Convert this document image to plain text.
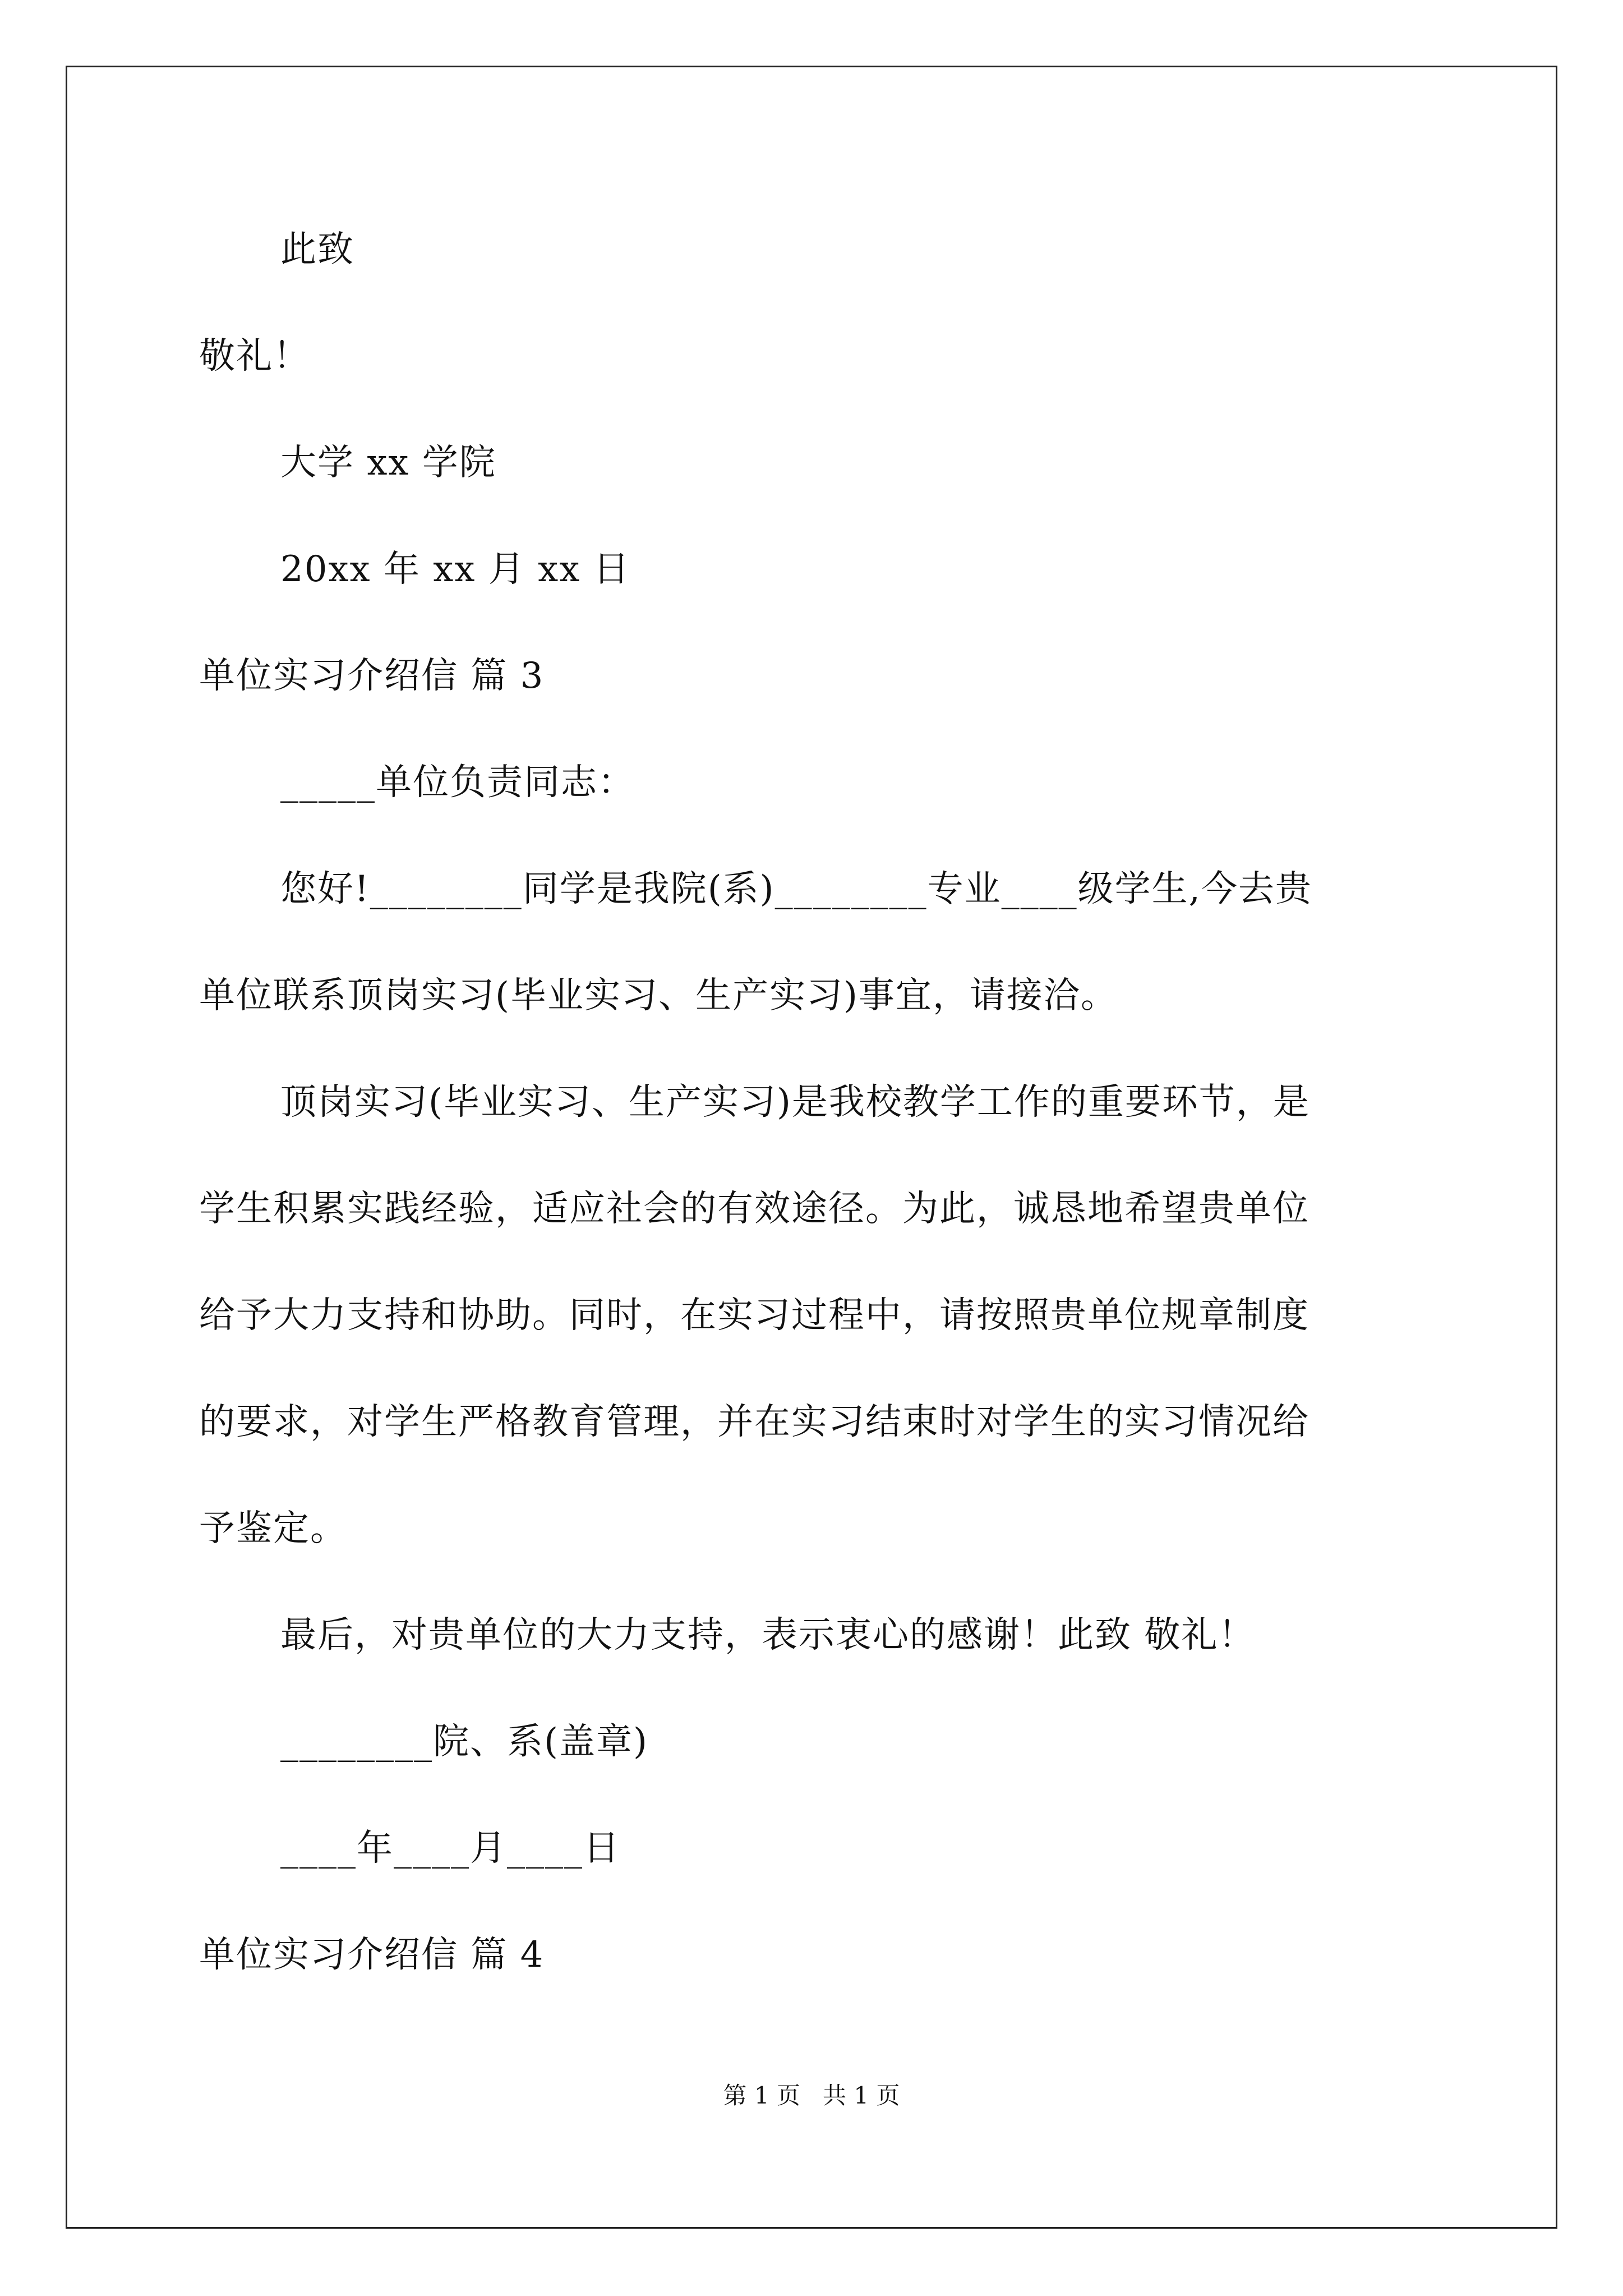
此致
敬礼！
大学 xx 学院
20xx 年 xx 月 xx 日
单位实习介绍信 篇 3
_____单位负责同志：
您好!________同学是我院(系)________专业____级学生,今去贵
单位联系顶岗实习(毕业实习、生产实习)事宜，请接洽。
顶岗实习(毕业实习、生产实习)是我校教学工作的重要环节，是
学生积累实践经验，适应社会的有效途径。为此，诚恳地希望贵单位
给予大力支持和协助。同时，在实习过程中，请按照贵单位规章制度
的要求，对学生严格教育管理，并在实习结束时对学生的实习情况给
予鉴定。
最后，对贵单位的大力支持，表示衷心的感谢！此致 敬礼！
________院、系(盖章)
____年____月____日
单位实习介绍信 篇 4
第 1 页   共 1 页
